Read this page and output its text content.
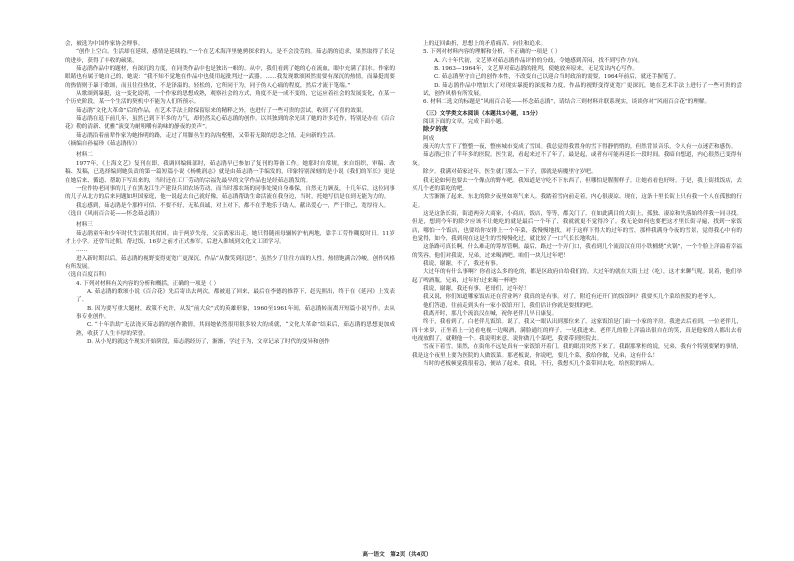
会，被选为中国作家协会理事。

“创作上空白，生活却在延续，感情是延续的。”一个在艺术海洋里驰骋探求的人，是不会没劳的。茹志鹃的追求，果然取得了长足的进步，获得了丰收的硕果。

茹志鹃作品中的题材，有深沉的力度，在同类作品中也是独出一帜的。从中，我们看到了她的心在流血，眼中充满了泪水。作家的眼睛也有属于她自己的，她说：“我不知不觉地在作品中也使用起批判过一武器。……我发现歌颂困然需要有深沉的热情，而暴挺需要的热情则于暴于歌颂，而且往往热忱，不是泽溢的，轻松的，它所同于为，同于伪人心痛的程度，然后才流于笔端。”

从歌颂到暴挺，这一变化说明，一个作家的思想成熟，观察社会的方式，角度不是一成不变的，它运应着社会的发展变化，在某一个历史阶段，某一个生活的契机中不能为人们所预示。

茹志鹃“文化大革命”后的作品，在艺术手法上除保留原来的精粹之外，也进行了一些可贵的尝试，收到了可喜的效果。

茹志鹃在退下前几年，虽然已到下半多的力气，却仍然关心茹志鹃的创作。以其独到的余光读了她的许多近作，特别是办在《百合花》勒的清新、优雅“演变为耐咀嚼有韵味的静夜的美声”。

茹志鹃沿着前辈作家为她指明的路，走过了用脚丛生的沟沟壑壑，又带着无限的思念之情，走向新的生活。

（摘编自孙福珍《茹志鹃传》）

材料二

1977年，《上海文艺》复刊在即，我调回编辑部时，茹志鹃早已参加了复刊的筹备工作。她那时自常规，来自组织，审稿、改稿、发稿，已选择编到她负责的第一篇短篇小说《杨桃润志》就是由茹志鹃一手编发的，印象特别深刻的是小说《我们的军长》更是在她后来、循道、帮助下写出来的，当时还在工厂劳动的宗福先最早的文学作品也是经茹志鹃发的。

一位作协老同事的儿子在黑龙江生产建设兵团农场劳动，而当时那农场的同事处境自身难保，自然无力顾及，十几年后，这位同事的儿子从北方的后来问题如坦国家庭，他一说起去自己就好像，茹志鹃帮助生命活流在我身边，当时，托她写信是在到无能为力的。

我忘感到，茹志鹃是个那样可信、不要不好，无私真诚，对上对下，都不在乎地乐于助人，献出爱心一，严于律己，宽厚待人。

（选自《风雨百合花——怀念茹志鹃》）

材料三

茹志鹃童年和少年时代生活很其贫困。由于两岁失母，父亲离家出走，她只得随祖母辗转沪杭两地，靠手工劳作糊度时日。11岁才上小学。还曾当过佣，帮过饭，16岁之前才正式参军。后进入淮域到文化文工团学习。

……

进入新时期以后，茹志鹃的视野变得更宽广更深沉，作品“从微笑到沉思”，虽然少了往往方面的人性，热情饱满合冷峻，创作风格有所发展。

（选自百度百科）

4. 下列对材料有关内容的分析和概括，正确的一项是（ ）

A. 茹志鹃的歌颂小说《百合花》先后寄出去两次，都被退了回来，最后在李德的推荐下，赶宪照出，终于在《延河》上发表了。

B. 因为要写重大题材，政策不允许，从发“前大众”式的英雄形象，1960至1961年间，茹志鹃转而离开短篇小说写作，去从事专业创作。

C. “十年浩劫”无法浇灭茹志鹃的创作激情，其间她依然很用很多较大的成就，“文化大革命”结束后，茹志鹃的思想更加成熟，收获了人生丰厚的荣誉。

D. 从小见的就这个现实开始阶段，茹志鹃经历了，渐渐，学过于为，文章记录了时代的变异和创作

上的迂回曲折，思想上的矛盾痛苦、向往和追求。

5. 下列对材料内容的理解和分析，不正确的一项是（ ）

A. 六十年代初，文艺界对茹志鹃作品评价的分歧，令她感到苦闷，找不到写作方向。

B. 1963—1964年，文艺界对茹志鹃的批判，使她放弃原来，无足发出内心写作。

C. 茹志鹃坚守自己的创作本性，不改变自己以迎合当时政治的需要，1964年前后，就还手握笔了。

D. 茹志鹃作品中增加大了对现实暴挺的深度和力度，作品的视野变得更宽广更深沉，她在艺术手法上进行了一些可贵的尝试，创作风格有所发展。

6. 材料二选文的标题是“风雨百合花——怀念茹志鹃”，请结合三则材料并联系现实，谈谈你对“风雨百合花”的理解。

（三）文学类文本阅读（本题共3小题，15分）

阅读下面的文章，完成下面小题。

除夕的夜

阿成

漫天的大雪下了整整一夜，整座城市变成了雪国。我总觉得我置身的雪下得静悄悄的，但然背景音乐，令人有一点迷茫和感伤。

茹志鹃已住了半年多的医院。医生说，看起来过不了年了，最是起，或者有可能再延长一段时间。我暗自想道，内心很然已变得有灰。

除夕。我满对茹家过年，医生就门那么一下子，那就是病魔里守岁吧。

我无论如何也要去一个像点的野车吧。我知道是守吃不下东西了，但哪怕是腥腥样子，让她看看也好呀。于是，我上街找饭店，去买几个老的菜吃的吧。

大雪渐渐了起来。东北的除夕夜里如寒气来人。我踏着雪向前走着，内心很凄凉。现在，这条十里长街上只有我一个人在孤独的行走。

这是这条长街，街道两旁大商家，小商店，饭店，等等，都关门了。在如此满目的大街上，孤独、凄凉和失落始终伴我一同寻找。但是，想到今年的除夕应该不让她吃的就是最后一个年了，我就就更不觉得冷了。我无论如何也要把这才里长街寻遍，找到一家饭店，哪怕一个饭店，也要给你安排上一个年菜，我慢慢地找，对于这样下得大的过年的雪，那样我满身今夜的雪景，觉得我心中有的也觉得，如今，我到现在这是生的雪慢慢化过，就比较了一口气长长地吹出。

这条路可真长啊。什么难走的筹厚管啊。最后，路过一个弄门口，我看到几个流浪汉在用小铁桶烧“火锅”，一个个脸上洋溢着幸福的笑容。他们对我说，兄弟，过来喝酒吧。咱们一块儿过年吧！

我说，谢谢，不了，我还有事。

大过年的有什么事啊？你看这么多的吃的，都是区政府自给我们的。大过年的就在大街上过（吃），这才来聊气呢。说着，他们举起了啤酒瓶，兄弟，过年好!过来喝一杯吧!

我说，谢谢，我还有事，老哥们，过年好！

我又说，你们知道哪家饭店还在营业吗？我真的是有事。对了，附近有还开门的饭馆吗？我要买几个菜给医院的老爷人。

他们答道，往前走到头有一家小饭馆开门，我们估计你就是要找的吧。

我离开时，那几个流浪汉在喊，祝你老伴儿早日康复。

终于，我看到了。白老伴儿饭馆。说了，我又一眼认出到那位来了。这家饭馆是门面一小家的平房。我进去后看到，一位老伴儿，四十来岁，正坐着上一边看电视一边喝酒，满脸通红的样子，一见我进来，老伴儿的脸上洋溢出很自在的笑，真是他家的人都出去看电视放假了，就剩他一个。我说明来意，说你做几个菜吧，我要带到医院去。

雪夜下着雪。果然，在街角不远处真有一家饭馆开着门。我的眼泪突然下来了。我跟那掌柜的说，兄弟，我有个特别要紧的事情，我是这个夜里上要为医院的人做饭菜。那老板说，你说吧，要几个菜，我给你做，兄弟，这有什么！

当时的老板顿觉我很着急，便站了起来，我说，不行，我想买几个菜带回去吃。给医院的病人。

高一语文　第2页（共4页）
